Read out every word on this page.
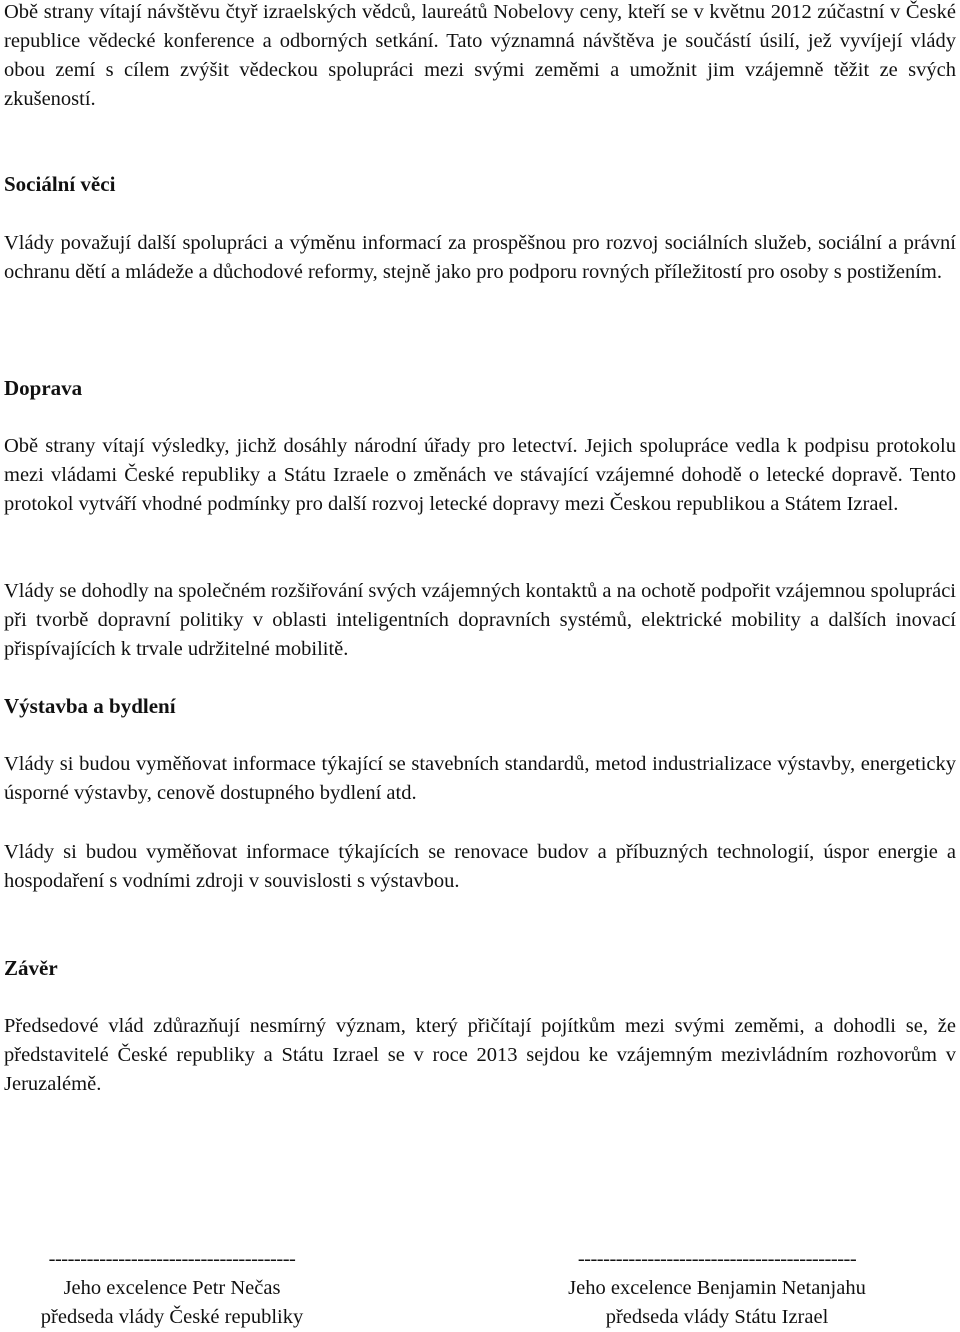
Obě strany vítají návštěvu čtyř izraelských vědců, laureátů Nobelovy ceny, kteří se v květnu 2012 zúčastní v České republice vědecké konference a odborných setkání. Tato významná návštěva je součástí úsilí, jež vyvíjejí vlády obou zemí s cílem zvýšit vědeckou spolupráci mezi svými zeměmi a umožnit jim vzájemně těžit ze svých zkušeností.

Sociální věci

Vlády považují další spolupráci a výměnu informací za prospěšnou pro rozvoj sociálních služeb, sociální a právní ochranu dětí a mládeže a důchodové reformy, stejně jako pro podporu rovných příležitostí pro osoby s postižením.

Doprava

Obě strany vítají výsledky, jichž dosáhly národní úřady pro letectví. Jejich spolupráce vedla k podpisu protokolu mezi vládami České republiky a Státu Izraele o změnách ve stávající vzájemné dohodě o letecké dopravě. Tento protokol vytváří vhodné podmínky pro další rozvoj letecké dopravy mezi Českou republikou a Státem Izrael.

Vlády se dohodly na společném rozšiřování svých vzájemných kontaktů a na ochotě podpořit vzájemnou spolupráci při tvorbě dopravní politiky v oblasti inteligentních dopravních systémů, elektrické mobility a dalších inovací přispívajících k trvale udržitelné mobilitě.

Výstavba a bydlení

Vlády si budou vyměňovat informace týkající se stavebních standardů, metod industrializace výstavby, energeticky úsporné výstavby, cenově dostupného bydlení atd.

Vlády si budou vyměňovat informace týkajících se renovace budov a příbuzných technologií, úspor energie a hospodaření s vodními zdroji v souvislosti s výstavbou.

Závěr

Předsedové vlád zdůrazňují nesmírný význam, který přičítají pojítkům mezi svými zeměmi, a dohodli se, že představitelé České republiky a Státu Izrael se v roce 2013 sejdou ke vzájemným mezivládním rozhovorům v Jeruzalémě.

---------------------------------------
Jeho excelence Petr Nečas
předseda vlády České republiky
--------------------------------------------
Jeho excelence Benjamin Netanjahu
předseda vlády Státu Izrael
